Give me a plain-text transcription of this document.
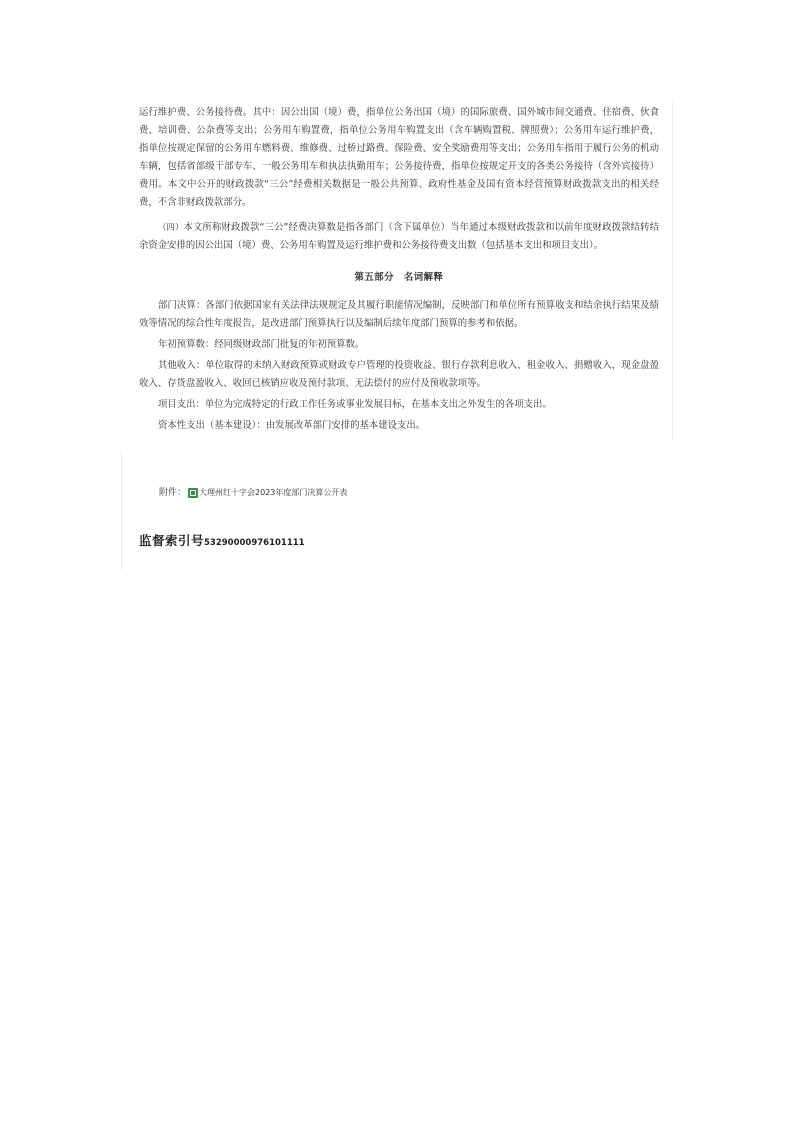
运行维护费、公务接待费。其中：因公出国（境）费，指单位公务出国（境）的国际旅费、国外城市间交通费、住宿费、伙食费、培训费、公杂费等支出；公务用车购置费，指单位公务用车购置支出（含车辆购置税、牌照费）；公务用车运行维护费，指单位按规定保留的公务用车燃料费、维修费、过桥过路费、保险费、安全奖励费用等支出；公务用车指用于履行公务的机动车辆，包括省部级干部专车、一般公务用车和执法执勤用车；公务接待费，指单位按规定开支的各类公务接待（含外宾接待）费用。本文中公开的财政拨款“三公”经费相关数据是一般公共预算、政府性基金及国有资本经营预算财政拨款支出的相关经费，不含非财政拨款部分。

（四）本文所称财政拨款“三公”经费决算数是指各部门（含下属单位）当年通过本级财政拨款和以前年度财政拨款结转结余资金安排的因公出国（境）费、公务用车购置及运行维护费和公务接待费支出数（包括基本支出和项目支出）。

第五部分　名词解释

部门决算：各部门依据国家有关法律法规规定及其履行职能情况编制，反映部门和单位所有预算收支和结余执行结果及绩效等情况的综合性年度报告，是改进部门预算执行以及编制后续年度部门预算的参考和依据。

年初预算数：经同级财政部门批复的年初预算数。

其他收入：单位取得的未纳入财政预算或财政专户管理的投资收益、银行存款利息收入、租金收入、捐赠收入，现金盘盈收入、存货盘盈收入、收回已核销应收及预付款项、无法偿付的应付及预收款项等。

项目支出：单位为完成特定的行政工作任务或事业发展目标，在基本支出之外发生的各项支出。

资本性支出（基本建设）：由发展改革部门安排的基本建设支出。

附件： 大理州红十字会2023年度部门决算公开表
监督索引号 53290000976101111
